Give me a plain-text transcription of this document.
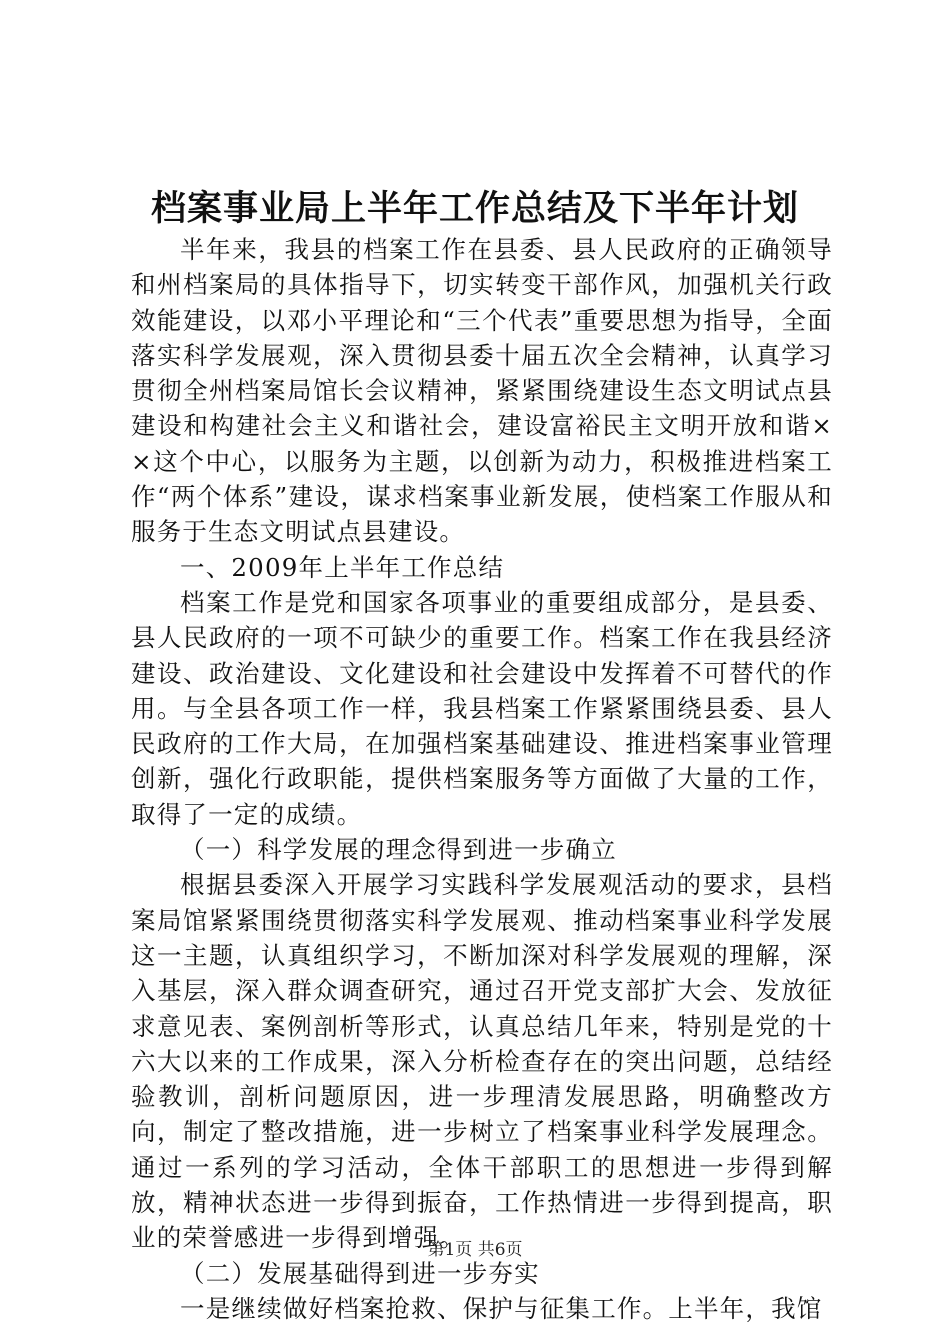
档案事业局上半年工作总结及下半年计划

半年来，我县的档案工作在县委、县人民政府的正确领导和州档案局的具体指导下，切实转变干部作风，加强机关行政效能建设，以邓小平理论和“三个代表”重要思想为指导，全面落实科学发展观，深入贯彻县委十届五次全会精神，认真学习贯彻全州档案局馆长会议精神，紧紧围绕建设生态文明试点县建设和构建社会主义和谐社会，建设富裕民主文明开放和谐××这个中心，以服务为主题，以创新为动力，积极推进档案工作“两个体系”建设，谋求档案事业新发展，使档案工作服从和服务于生态文明试点县建设。

一、2009年上半年工作总结

档案工作是党和国家各项事业的重要组成部分，是县委、县人民政府的一项不可缺少的重要工作。档案工作在我县经济建设、政治建设、文化建设和社会建设中发挥着不可替代的作用。与全县各项工作一样，我县档案工作紧紧围绕县委、县人民政府的工作大局，在加强档案基础建设、推进档案事业管理创新，强化行政职能，提供档案服务等方面做了大量的工作，取得了一定的成绩。

（一）科学发展的理念得到进一步确立

根据县委深入开展学习实践科学发展观活动的要求，县档案局馆紧紧围绕贯彻落实科学发展观、推动档案事业科学发展这一主题，认真组织学习，不断加深对科学发展观的理解，深入基层，深入群众调查研究，通过召开党支部扩大会、发放征求意见表、案例剖析等形式，认真总结几年来，特别是党的十六大以来的工作成果，深入分析检查存在的突出问题，总结经验教训，剖析问题原因，进一步理清发展思路，明确整改方向，制定了整改措施，进一步树立了档案事业科学发展理念。通过一系列的学习活动，全体干部职工的思想进一步得到解放，精神状态进一步得到振奋，工作热情进一步得到提高，职业的荣誉感进一步得到增强。

（二）发展基础得到进一步夯实

一是继续做好档案抢救、保护与征集工作。上半年，我馆

第1页 共6页
